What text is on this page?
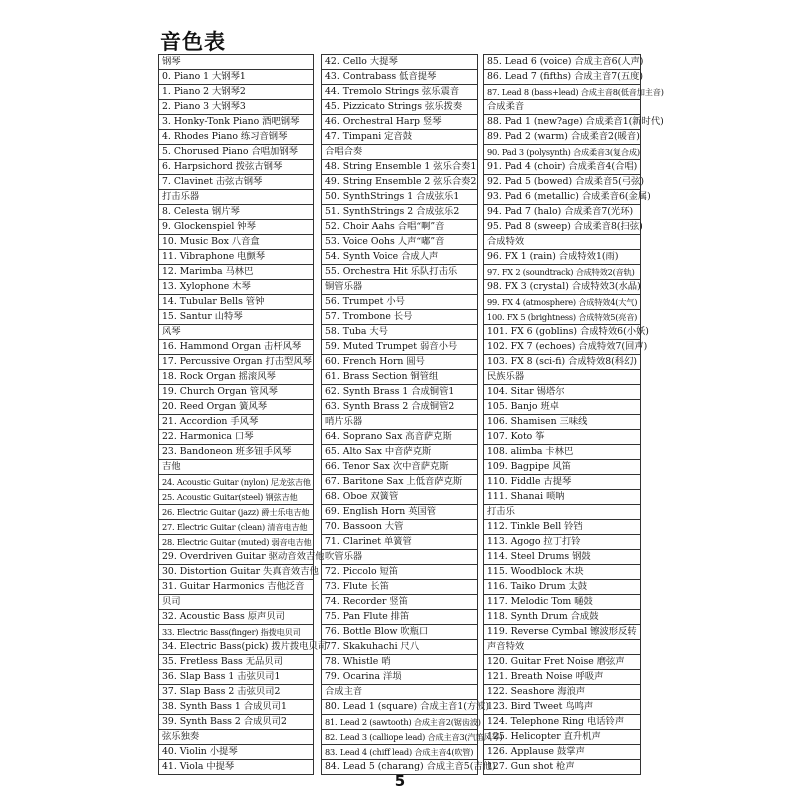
音色表
钢琴
0. Piano 1 大钢琴1
1. Piano 2 大钢琴2
2. Piano 3 大钢琴3
3. Honky-Tonk Piano 酒吧钢琴
4. Rhodes Piano 练习音钢琴
5. Chorused Piano 合唱加钢琴
6. Harpsichord 拨弦古钢琴
7. Clavinet 击弦古钢琴
打击乐器
8. Celesta 钢片琴
9. Glockenspiel 钟琴
10. Music Box 八音盒
11. Vibraphone 电颤琴
12. Marimba 马林巴
13. Xylophone 木琴
14. Tubular Bells 管钟
15. Santur 山特琴
风琴
16. Hammond Organ 击杆风琴
17. Percussive Organ 打击型风琴
18. Rock Organ 摇滚风琴
19. Church Organ 管风琴
20. Reed Organ 簧风琴
21. Accordion 手风琴
22. Harmonica 口琴
23. Bandoneon 班多钮手风琴
吉他
24. Acoustic Guitar (nylon) 尼龙弦吉他
25. Acoustic Guitar(steel) 钢弦吉他
26. Electric Guitar (jazz) 爵士乐电吉他
27. Electric Guitar (clean) 清音电吉他
28. Electric Guitar (muted) 弱音电吉他
29. Overdriven Guitar 驱动音效吉他
30. Distortion Guitar 失真音效吉他
31. Guitar Harmonics 吉他泛音
贝司
32. Acoustic Bass 原声贝司
33. Electric Bass(finger) 指拨电贝司
34. Electric Bass(pick) 拨片拨电贝司
35. Fretless Bass 无品贝司
36. Slap Bass 1 击弦贝司1
37. Slap Bass 2 击弦贝司2
38. Synth Bass 1 合成贝司1
39. Synth Bass 2 合成贝司2
弦乐独奏
40. Violin 小提琴
41. Viola 中提琴
42. Cello 大提琴
43. Contrabass 低音提琴
44. Tremolo Strings 弦乐震音
45. Pizzicato Strings 弦乐拨奏
46. Orchestral Harp 竖琴
47. Timpani 定音鼓
合唱合奏
48. String Ensemble 1 弦乐合奏1
49. String Ensemble 2 弦乐合奏2
50. SynthStrings 1 合成弦乐1
51. SynthStrings 2 合成弦乐2
52. Choir Aahs 合唱“啊”音
53. Voice Oohs 人声“嘟”音
54. Synth Voice 合成人声
55. Orchestra Hit 乐队打击乐
铜管乐器
56. Trumpet 小号
57. Trombone 长号
58. Tuba 大号
59. Muted Trumpet 弱音小号
60. French Horn 圆号
61. Brass Section 铜管组
62. Synth Brass 1 合成铜管1
63. Synth Brass 2 合成铜管2
哨片乐器
64. Soprano Sax 高音萨克斯
65. Alto Sax 中音萨克斯
66. Tenor Sax 次中音萨克斯
67. Baritone Sax 上低音萨克斯
68. Oboe 双簧管
69. English Horn 英国管
70. Bassoon 大管
71. Clarinet 单簧管
吹管乐器
72. Piccolo 短笛
73. Flute 长笛
74. Recorder 竖笛
75. Pan Flute 排笛
76. Bottle Blow 吹瓶口
77. Skakuhachi 尺八
78. Whistle 哨
79. Ocarina 洋埙
合成主音
80. Lead 1 (square) 合成主音1(方波)
81. Lead 2 (sawtooth) 合成主音2(锯齿波)
82. Lead 3 (calliope lead) 合成主音3(汽笛风琴)
83. Lead 4 (chiff lead) 合成主音4(吹管)
84. Lead 5 (charang) 合成主音5(吉他)
85. Lead 6 (voice) 合成主音6(人声)
86. Lead 7 (fifths) 合成主音7(五度)
87. Lead 8 (bass+lead) 合成主音8(低音加主音)
合成柔音
88. Pad 1 (new?age) 合成柔音1(新时代)
89. Pad 2 (warm) 合成柔音2(暖音)
90. Pad 3 (polysynth) 合成柔音3(复合成)
91. Pad 4 (choir) 合成柔音4(合唱)
92. Pad 5 (bowed) 合成柔音5(弓弦)
93. Pad 6 (metallic) 合成柔音6(金属)
94. Pad 7 (halo) 合成柔音7(光环)
95. Pad 8 (sweep) 合成柔音8(扫弦)
合成特效
96. FX 1 (rain) 合成特效1(雨)
97. FX 2 (soundtrack) 合成特效2(音轨)
98. FX 3 (crystal) 合成特效3(水晶)
99. FX 4 (atmosphere) 合成特效4(大气)
100. FX 5 (brightness) 合成特效5(亮音)
101. FX 6 (goblins) 合成特效6(小妖)
102. FX 7 (echoes) 合成特效7(回声)
103. FX 8 (sci-fi) 合成特效8(科幻)
民族乐器
104. Sitar 锡塔尔
105. Banjo 班卓
106. Shamisen 三味线
107. Koto 筝
108. alimba 卡林巴
109. Bagpipe 风笛
110. Fiddle 古提琴
111. Shanai 唢呐
打击乐
112. Tinkle Bell 铃铛
113. Agogo 拉丁打铃
114. Steel Drums 钢鼓
115. Woodblock 木块
116. Taiko Drum 太鼓
117. Melodic Tom 嗵鼓
118. Synth Drum 合成鼓
119. Reverse Cymbal 镲波形反转
声音特效
120. Guitar Fret Noise 磨弦声
121. Breath Noise 呼吸声
122. Seashore 海浪声
123. Bird Tweet 鸟鸣声
124. Telephone Ring 电话铃声
125. Helicopter 直升机声
126. Applause 鼓掌声
127. Gun shot 枪声
5
